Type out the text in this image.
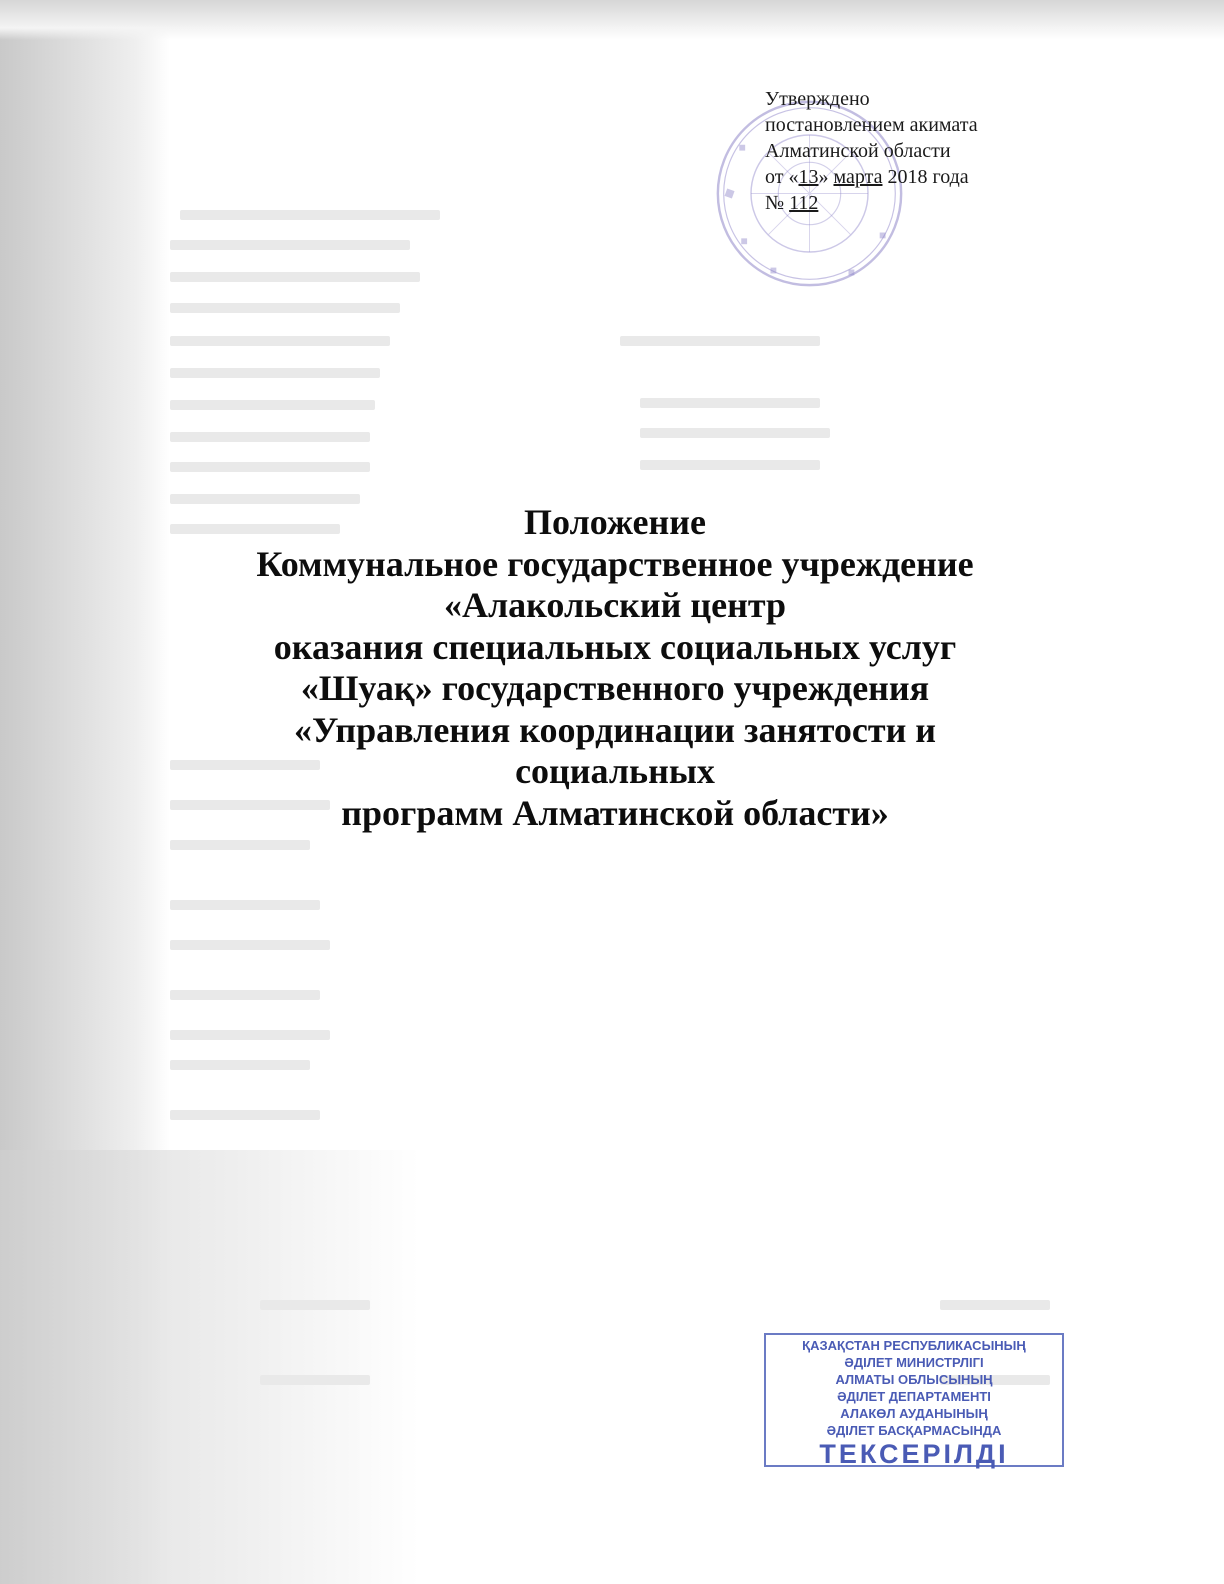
Утверждено
постановлением акимата
Алматинской области
от «13» марта 2018 года
№ 112
Положение
Коммунальное государственное учреждение
«Алакольский центр
оказания специальных социальных услуг
«Шуақ» государственного учреждения
«Управления координации занятости и
социальных
программ Алматинской области»
ҚАЗАҚСТАН РЕСПУБЛИКАСЫНЫҢ
ӘДІЛЕТ МИНИСТРЛІГІ
АЛМАТЫ ОБЛЫСЫНЫҢ
ӘДІЛЕТ ДЕПАРТАМЕНТІ
АЛАКӨЛ АУДАНЫНЫҢ
ӘДІЛЕТ БАСҚАРМАСЫНДА
ТЕКСЕРІЛДІ
